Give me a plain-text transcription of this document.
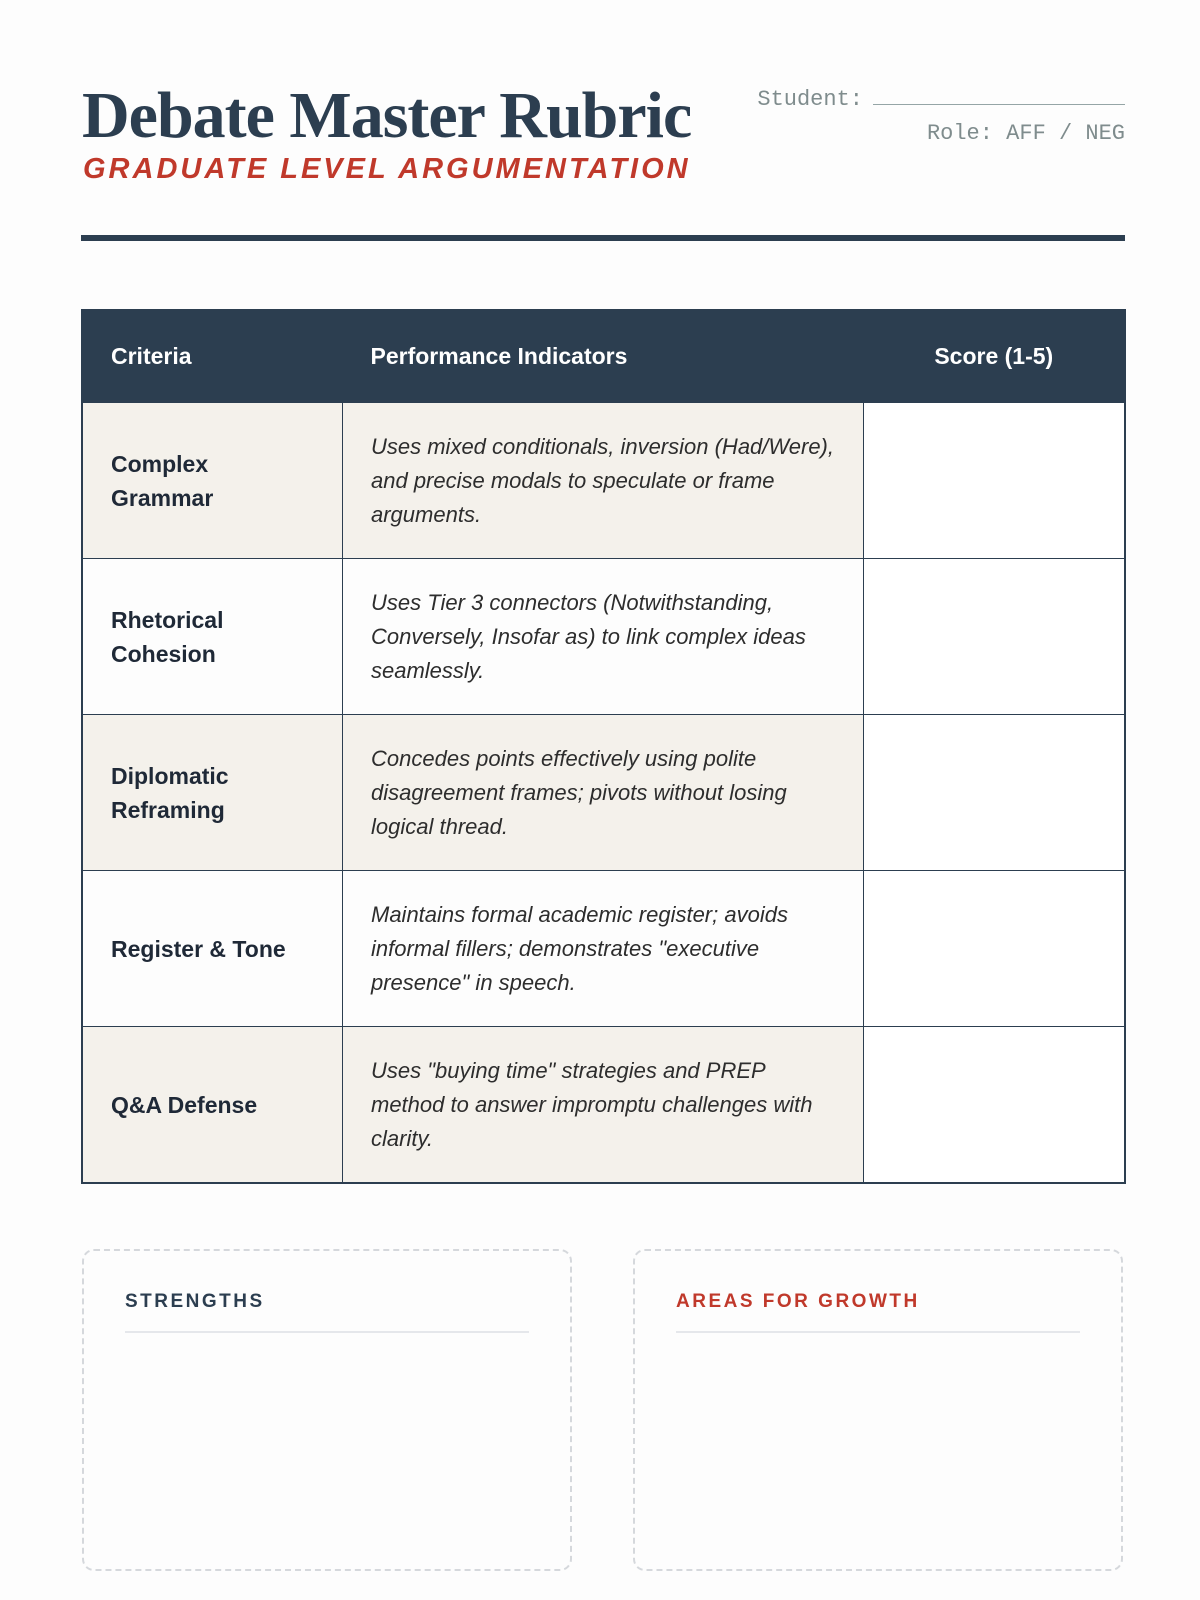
Debate Master Rubric
GRADUATE LEVEL ARGUMENTATION
Student:
Role: AFF / NEG
Criteria	Performance Indicators	Score (1-5)
Complex Grammar	Uses mixed conditionals, inversion (Had/Were), and precise modals to speculate or frame arguments.	
Rhetorical Cohesion	Uses Tier 3 connectors (Notwithstanding, Conversely, Insofar as) to link complex ideas seamlessly.	
Diplomatic Reframing	Concedes points effectively using polite disagreement frames; pivots without losing logical thread.	
Register & Tone	Maintains formal academic register; avoids informal fillers; demonstrates "executive presence" in speech.	
Q&A Defense	Uses "buying time" strategies and PREP method to answer impromptu challenges with clarity.	
STRENGTHS	AREAS FOR GROWTH
